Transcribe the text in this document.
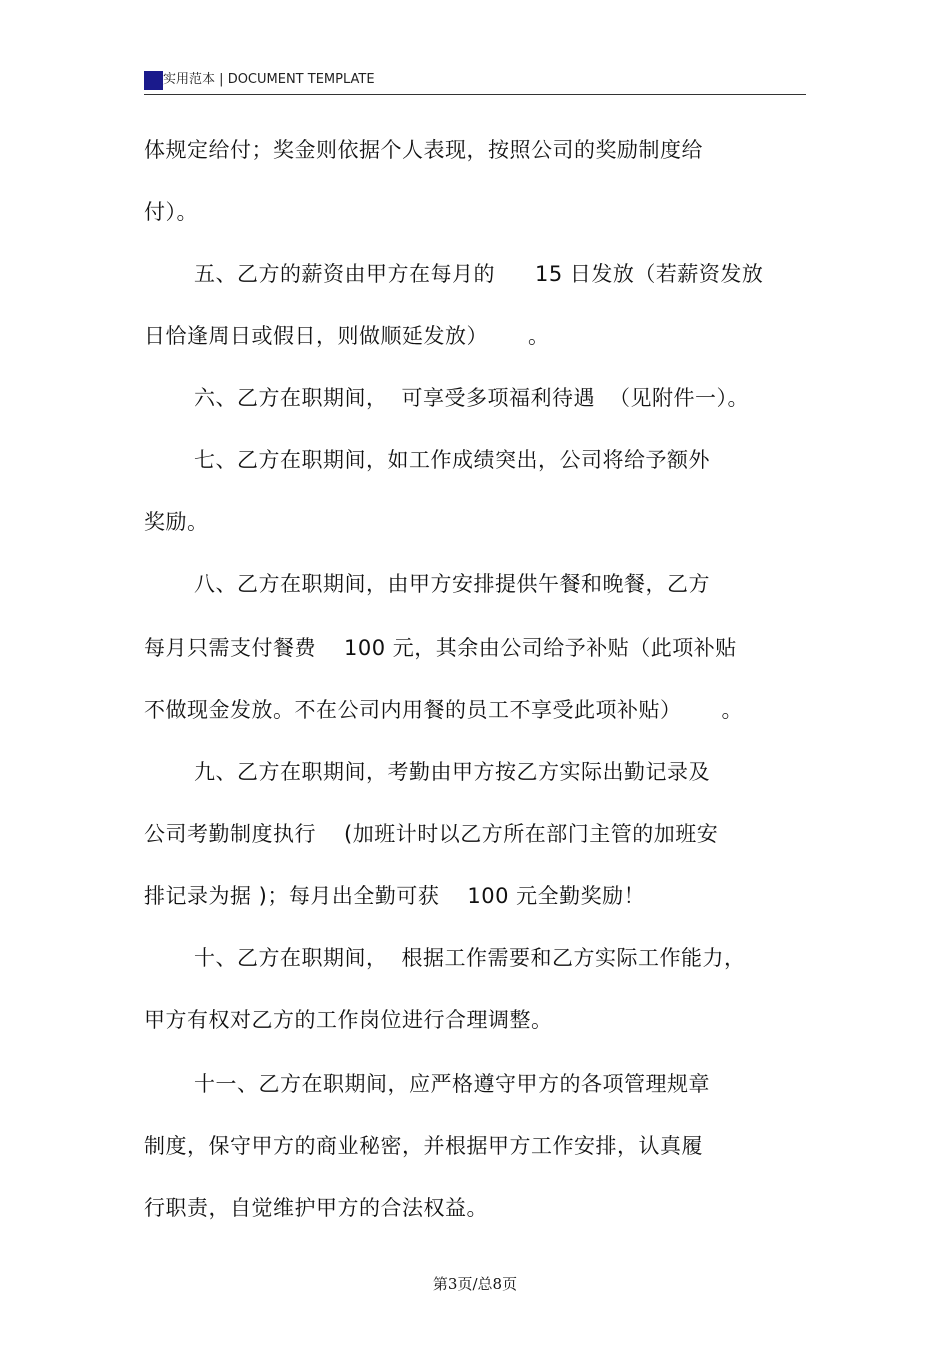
实用范本 | DOCUMENT TEMPLATE
体规定给付；奖金则依据个人表现，按照公司的奖励制度给
付）。
五、乙方的薪资由甲方在每月的 15 日发放（若薪资发放
日恰逢周日或假日，则做顺延发放） 。
六、乙方在职期间， 可享受多项福利待遇 （见附件一）。
七、乙方在职期间，如工作成绩突出，公司将给予额外
奖励。
八、乙方在职期间，由甲方安排提供午餐和晚餐，乙方
每月只需支付餐费 100 元，其余由公司给予补贴（此项补贴
不做现金发放。不在公司内用餐的员工不享受此项补贴） 。
九、乙方在职期间，考勤由甲方按乙方实际出勤记录及
公司考勤制度执行 (加班计时以乙方所在部门主管的加班安
排记录为据 )；每月出全勤可获 100 元全勤奖励！
十、乙方在职期间， 根据工作需要和乙方实际工作能力，
甲方有权对乙方的工作岗位进行合理调整。
十一、乙方在职期间，应严格遵守甲方的各项管理规章
制度，保守甲方的商业秘密，并根据甲方工作安排，认真履
行职责，自觉维护甲方的合法权益。
第3页/总8页
